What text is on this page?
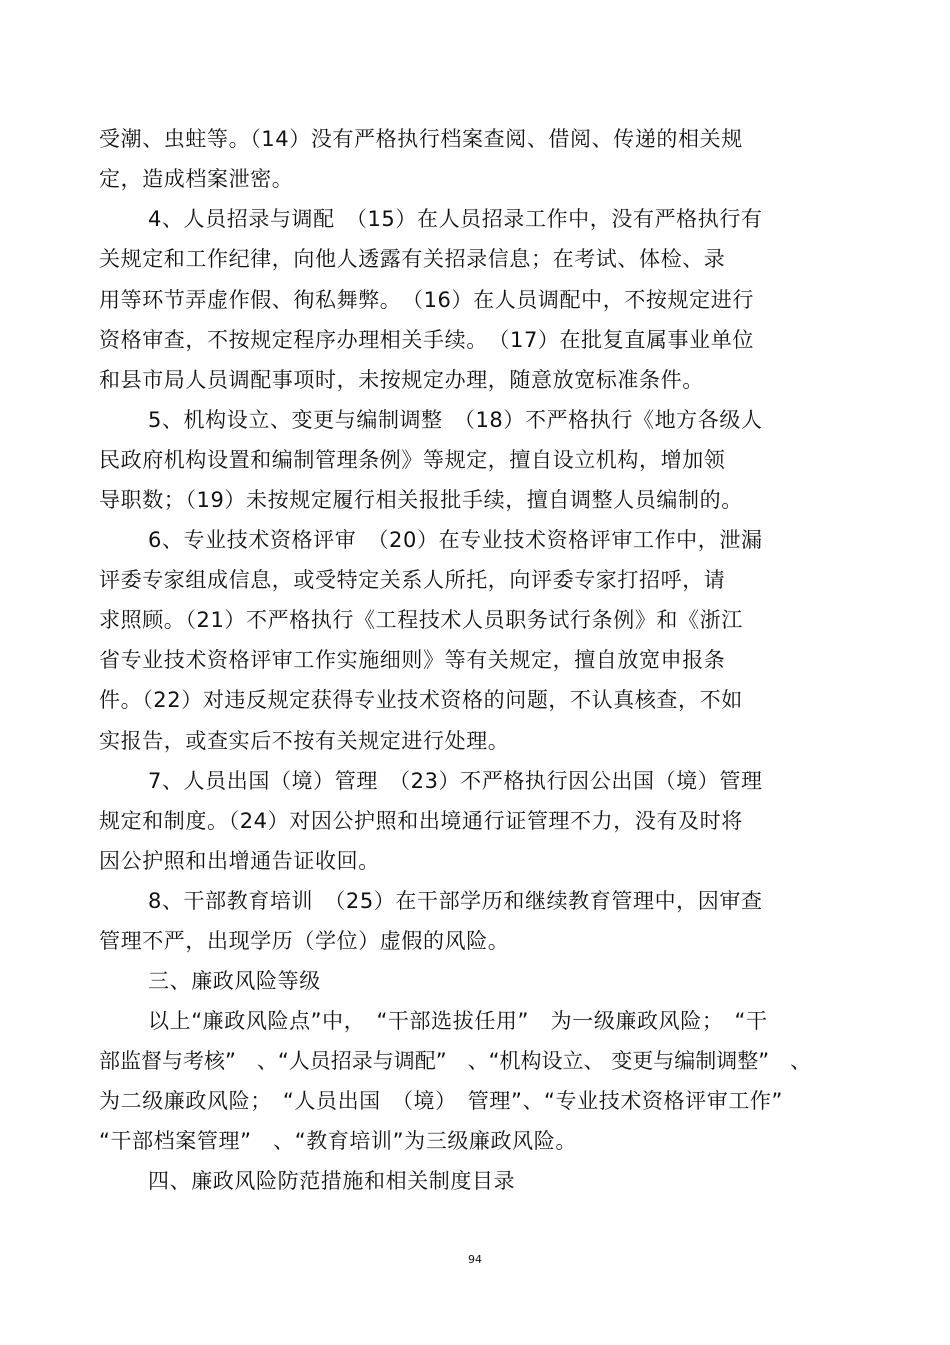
受潮、虫蛀等。（14）没有严格执行档案查阅、借阅、传递的相关规
定，造成档案泄密。
4、人员招录与调配　（15）在人员招录工作中，没有严格执行有
关规定和工作纪律，向他人透露有关招录信息；在考试、体检、录
用等环节弄虚作假、徇私舞弊。　（16）在人员调配中，不按规定进行
资格审查，不按规定程序办理相关手续。　（17）在批复直属事业单位
和县市局人员调配事项时，未按规定办理，随意放宽标准条件。
5、机构设立、变更与编制调整　（18）不严格执行《地方各级人
民政府机构设置和编制管理条例》等规定，擅自设立机构，增加领
导职数；（19）未按规定履行相关报批手续，擅自调整人员编制的。
6、专业技术资格评审　（20）在专业技术资格评审工作中，泄漏
评委专家组成信息，或受特定关系人所托，向评委专家打招呼，请
求照顾。（21）不严格执行《工程技术人员职务试行条例》和《浙江
省专业技术资格评审工作实施细则》等有关规定，擅自放宽申报条
件。（22）对违反规定获得专业技术资格的问题，不认真核查，不如
实报告，或查实后不按有关规定进行处理。
7、人员出国（境）管理　（23）不严格执行因公出国（境）管理
规定和制度。（24）对因公护照和出境通行证管理不力，没有及时将
因公护照和出增通告证收回。
8、干部教育培训　（25）在干部学历和继续教育管理中，因审查
管理不严，出现学历（学位）虚假的风险。
三、廉政风险等级
以上“廉政风险点”中，　“干部选拔任用”　为一级廉政风险；　“干
部监督与考核”　、“人员招录与调配”　、“机构设立、 变更与编制调整”　、
为二级廉政风险；　“人员出国　（境）　管理”、“专业技术资格评审工作”
“干部档案管理”　、“教育培训”为三级廉政风险。
四、廉政风险防范措施和相关制度目录
94
